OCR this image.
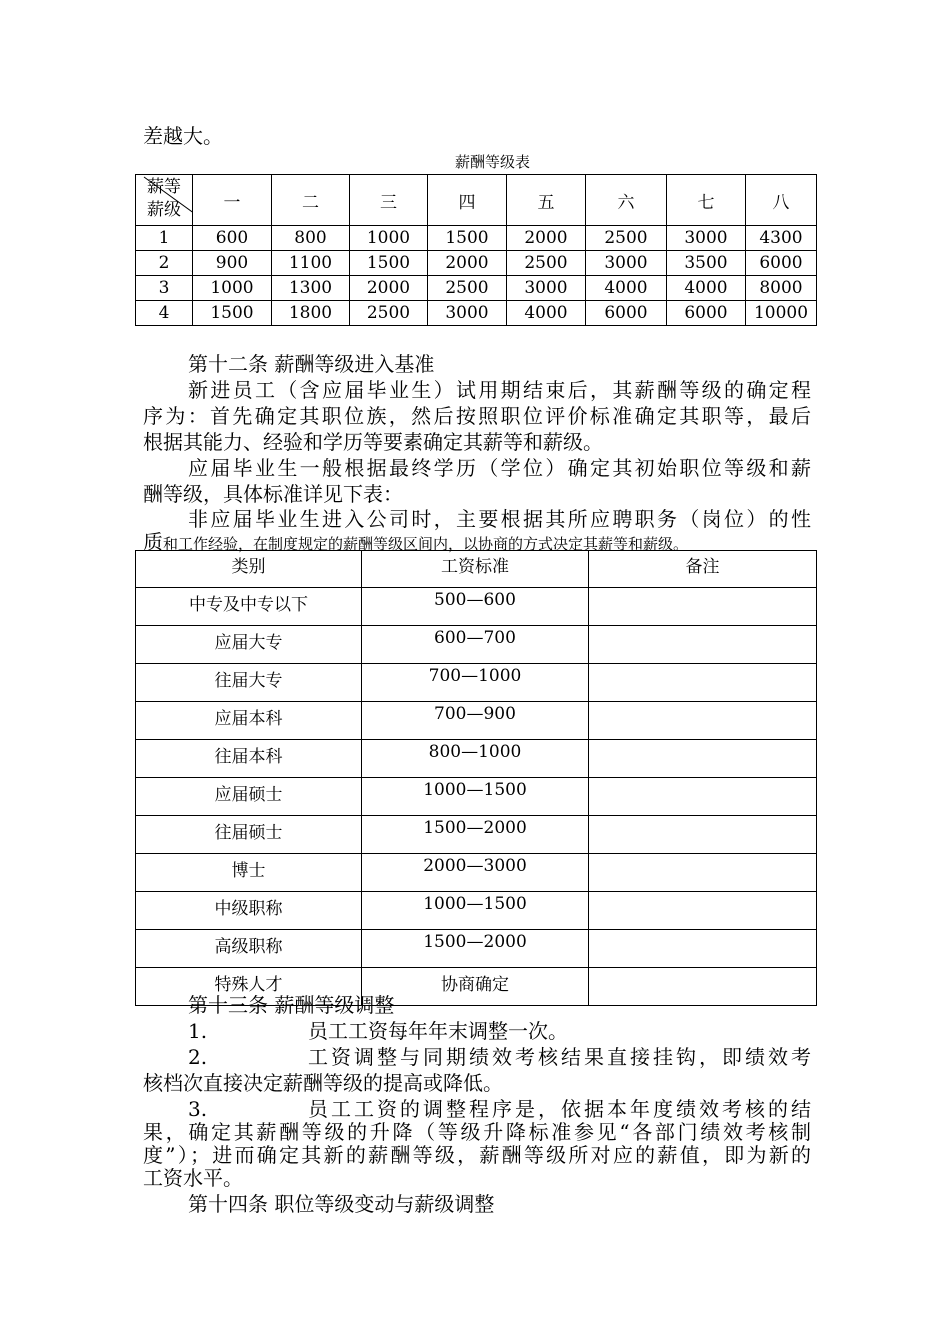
差越大。
薪酬等级表
薪等
薪级	一	二	三	四	五	六	七	八
1	600	800	1000	1500	2000	2500	3000	4300
2	900	1100	1500	2000	2500	3000	3500	6000
3	1000	1300	2000	2500	3000	4000	4000	8000
4	1500	1800	2500	3000	4000	6000	6000	10000
第十二条 薪酬等级进入基准
新进员工（含应届毕业生）试用期结束后，其薪酬等级的确定程
序为：首先确定其职位族，然后按照职位评价标准确定其职等，最后
根据其能力、经验和学历等要素确定其薪等和薪级。
应届毕业生一般根据最终学历（学位）确定其初始职位等级和薪
酬等级，具体标准详见下表：
非应届毕业生进入公司时，主要根据其所应聘职务（岗位）的性
质和工作经验，在制度规定的薪酬等级区间内，以协商的方式决定其薪等和薪级。
类别	工资标准	备注
中专及中专以下	500—600	
应届大专	600—700	
往届大专	700—1000	
应届本科	700—900	
往届本科	800—1000	
应届硕士	1000—1500	
往届硕士	1500—2000	
博士	2000—3000	
中级职称	1000—1500	
高级职称	1500—2000	
特殊人才	协商确定	
第十三条 薪酬等级调整
1.	员工工资每年年末调整一次。
2.	工资调整与同期绩效考核结果直接挂钩，即绩效考
核档次直接决定薪酬等级的提高或降低。
3.	员工工资的调整程序是，依据本年度绩效考核的结
果，确定其薪酬等级的升降（等级升降标准参见“各部门绩效考核制
度”）；进而确定其新的薪酬等级，薪酬等级所对应的薪值，即为新的
工资水平。
第十四条 职位等级变动与薪级调整
